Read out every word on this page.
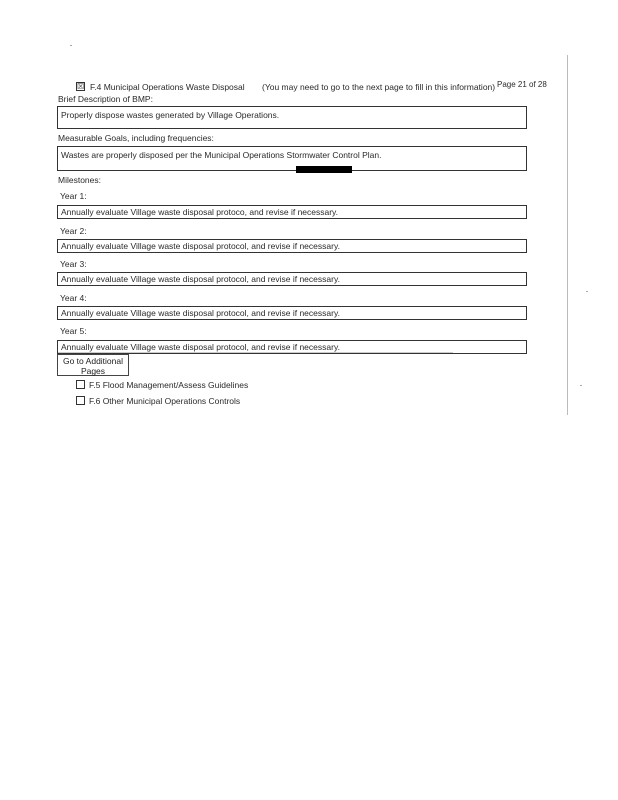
☒ F.4 Municipal Operations Waste Disposal (You may need to go to the next page to fill in this information) Page 21 of 28
Brief Description of BMP:
Properly dispose wastes generated by Village Operations.
Measurable Goals, including frequencies:
Wastes are properly disposed per the Municipal Operations Stormwater Control Plan.
Milestones:
Year 1:
Annually evaluate Village waste disposal protoco, and revise if necessary.
Year 2:
Annually evaluate Village waste disposal protocol, and revise if necessary.
Year 3:
Annually evaluate Village waste disposal protocol, and revise if necessary.
Year 4:
Annually evaluate Village waste disposal protocol, and revise if necessary.
Year 5:
Annually evaluate Village waste disposal protocol, and revise if necessary.
Go to Additional Pages
F.5 Flood Management/Assess Guidelines
F.6 Other Municipal Operations Controls
